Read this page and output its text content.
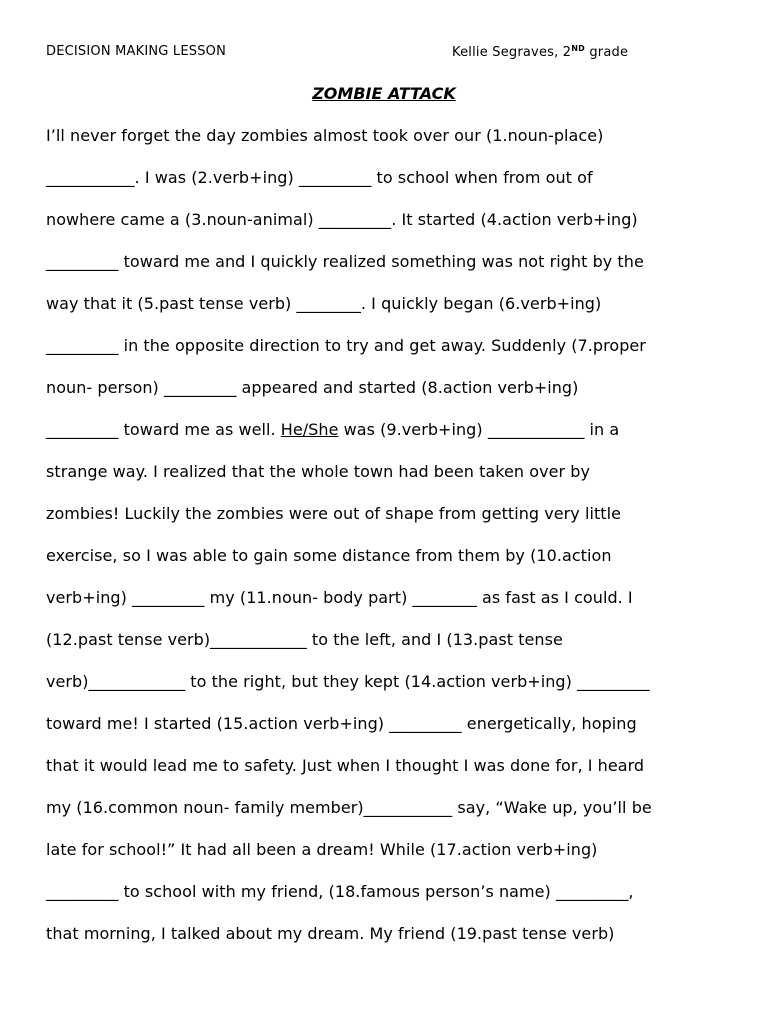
DECISION MAKING LESSON	Kellie Segraves, 2ND grade
ZOMBIE ATTACK
I’ll never forget the day zombies almost took over our (1.noun-place)
___________. I was (2.verb+ing) _________ to school when from out of
nowhere came a (3.noun-animal) _________. It started (4.action verb+ing)
_________ toward me and I quickly realized something was not right by the
way that it (5.past tense verb) ________. I quickly began (6.verb+ing)
_________ in the opposite direction to try and get away. Suddenly (7.proper
noun- person) _________ appeared and started (8.action verb+ing)
_________ toward me as well. He/She was (9.verb+ing) ____________ in a
strange way. I realized that the whole town had been taken over by
zombies! Luckily the zombies were out of shape from getting very little
exercise, so I was able to gain some distance from them by (10.action
verb+ing) _________ my (11.noun- body part) ________ as fast as I could. I
(12.past tense verb)____________ to the left, and I (13.past tense
verb)____________ to the right, but they kept (14.action verb+ing) _________
toward me! I started (15.action verb+ing) _________ energetically, hoping
that it would lead me to safety. Just when I thought I was done for, I heard
my (16.common noun- family member)___________ say, “Wake up, you’ll be
late for school!” It had all been a dream! While (17.action verb+ing)
_________ to school with my friend, (18.famous person’s name) _________,
that morning, I talked about my dream. My friend (19.past tense verb)
